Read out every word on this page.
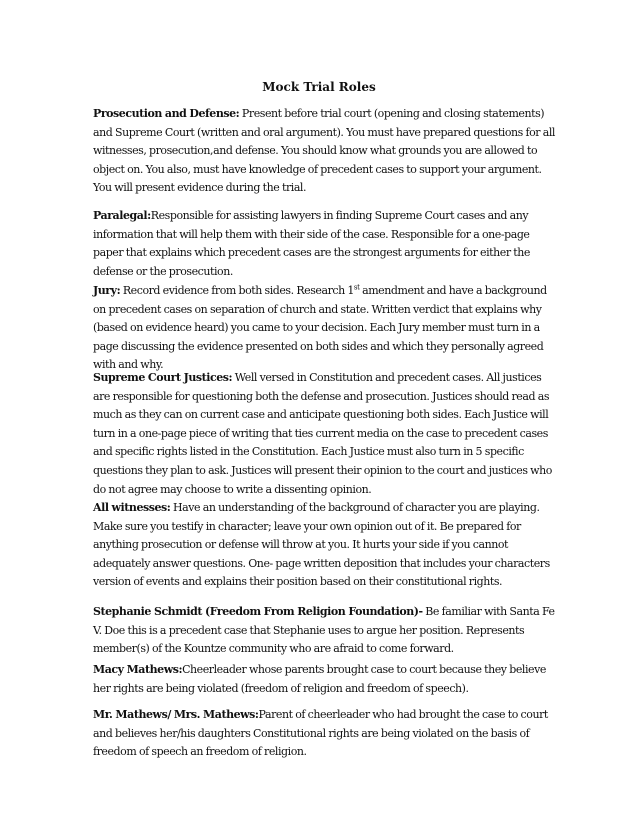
Mock Trial Roles

Prosecution and Defense: Present before trial court (opening and closing statements) and Supreme Court (written and oral argument). You must have prepared questions for all witnesses, prosecution,and defense. You should know what grounds you are allowed to object on. You also, must have knowledge of precedent cases to support your argument. You will present evidence during the trial.

Paralegal:Responsible for assisting lawyers in finding Supreme Court cases and any information that will help them with their side of the case. Responsible for a one-page paper that explains which precedent cases are the strongest arguments for either the defense or the prosecution.

Jury: Record evidence from both sides. Research 1st amendment and have a background on precedent cases on separation of church and state. Written verdict that explains why (based on evidence heard) you came to your decision. Each Jury member must turn in a page discussing the evidence presented on both sides and which they personally agreed with and why.

Supreme Court Justices: Well versed in Constitution and precedent cases. All justices are responsible for questioning both the defense and prosecution. Justices should read as much as they can on current case and anticipate questioning both sides. Each Justice will turn in a one-page piece of writing that ties current media on the case to precedent cases and specific rights listed in the Constitution. Each Justice must also turn in 5 specific questions they plan to ask. Justices will present their opinion to the court and justices who do not agree may choose to write a dissenting opinion.

All witnesses: Have an understanding of the background of character you are playing. Make sure you testify in character; leave your own opinion out of it. Be prepared for anything prosecution or defense will throw at you. It hurts your side if you cannot adequately answer questions. One- page written deposition that includes your characters version of events and explains their position based on their constitutional rights.

Stephanie Schmidt (Freedom From Religion Foundation)- Be familiar with Santa Fe V. Doe this is a precedent case that Stephanie uses to argue her position. Represents member(s) of the Kountze community who are afraid to come forward.

Macy Mathews:Cheerleader whose parents brought case to court because they believe her rights are being violated (freedom of religion and freedom of speech).

Mr. Mathews/ Mrs. Mathews:Parent of cheerleader who had brought the case to court and believes her/his daughters Constitutional rights are being violated on the basis of freedom of speech an freedom of religion.
